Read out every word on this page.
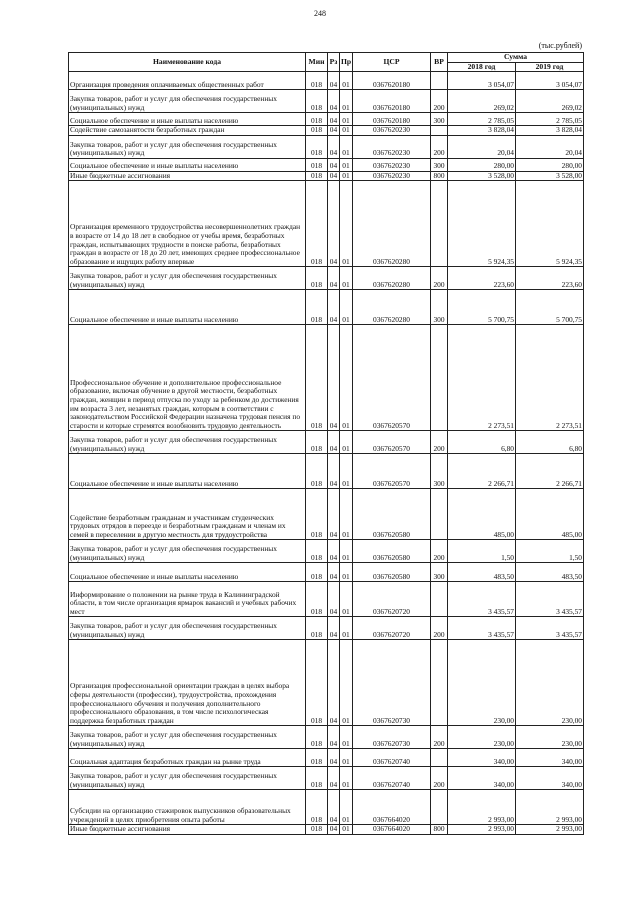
248
(тыс.рублей)
Наименование кода	Мин	Рз	Пр	ЦСР	ВР	Сумма	
						2018 год	2019 год
Организация проведения оплачиваемых общественных работ	018	04	01	0367620180		3 054,07	3 054,07
Закупка товаров, работ и услуг для обеспечения государственных (муниципальных) нужд	018	04	01	0367620180	200	269,02	269,02
Социальное обеспечение и иные выплаты населению	018	04	01	0367620180	300	2 785,05	2 785,05
Содействие самозанятости безработных граждан	018	04	01	0367620230		3 828,04	3 828,04
Закупка товаров, работ и услуг для обеспечения государственных (муниципальных) нужд	018	04	01	0367620230	200	20,04	20,04
Социальное обеспечение и иные выплаты населению	018	04	01	0367620230	300	280,00	280,00
Иные бюджетные ассигнования	018	04	01	0367620230	800	3 528,00	3 528,00
Организация временного трудоустройства несовершеннолетних граждан в возрасте от 14 до 18 лет в свободное от учебы время, безработных граждан, испытывающих трудности в поиске работы, безработных граждан в возрасте от 18 до 20 лет, имеющих среднее профессиональное образование и ищущих работу впервые	018	04	01	0367620280		5 924,35	5 924,35
Закупка товаров, работ и услуг для обеспечения государственных (муниципальных) нужд	018	04	01	0367620280	200	223,60	223,60
Социальное обеспечение и иные выплаты населению	018	04	01	0367620280	300	5 700,75	5 700,75
Профессиональное обучение и дополнительное профессиональное образование, включая обучение в другой местности, безработных граждан, женщин в период отпуска по уходу за ребенком до достижения им возраста 3 лет, незанятых граждан, которым в соответствии с законодательством Российской Федерации назначена трудовая пенсия по старости и которые стремятся возобновить трудовую деятельность	018	04	01	0367620570		2 273,51	2 273,51
Закупка товаров, работ и услуг для обеспечения государственных (муниципальных) нужд	018	04	01	0367620570	200	6,80	6,80
Социальное обеспечение и иные выплаты населению	018	04	01	0367620570	300	2 266,71	2 266,71
Содействие безработным гражданам и участникам студенческих трудовых отрядов в переезде и безработным гражданам и членам их семей в переселении в другую местность для трудоустройства	018	04	01	0367620580		485,00	485,00
Закупка товаров, работ и услуг для обеспечения государственных (муниципальных) нужд	018	04	01	0367620580	200	1,50	1,50
Социальное обеспечение и иные выплаты населению	018	04	01	0367620580	300	483,50	483,50
Информирование о положении на рынке труда в Калининградской области, в том числе организация ярмарок вакансий и учебных рабочих мест	018	04	01	0367620720		3 435,57	3 435,57
Закупка товаров, работ и услуг для обеспечения государственных (муниципальных) нужд	018	04	01	0367620720	200	3 435,57	3 435,57
Организация профессиональной ориентации граждан в целях выбора сферы деятельности (профессии), трудоустройства, прохождения профессионального обучения и получения дополнительного профессионального образования, в том числе психологическая поддержка безработных граждан	018	04	01	0367620730		230,00	230,00
Закупка товаров, работ и услуг для обеспечения государственных (муниципальных) нужд	018	04	01	0367620730	200	230,00	230,00
Социальная адаптация безработных граждан на рынке труда	018	04	01	0367620740		340,00	340,00
Закупка товаров, работ и услуг для обеспечения государственных (муниципальных) нужд	018	04	01	0367620740	200	340,00	340,00
Субсидии на организацию стажировок выпускников образовательных учреждений в целях приобретения опыта работы	018	04	01	0367664020		2 993,00	2 993,00
Иные бюджетные ассигнования	018	04	01	0367664020	800	2 993,00	2 993,00
